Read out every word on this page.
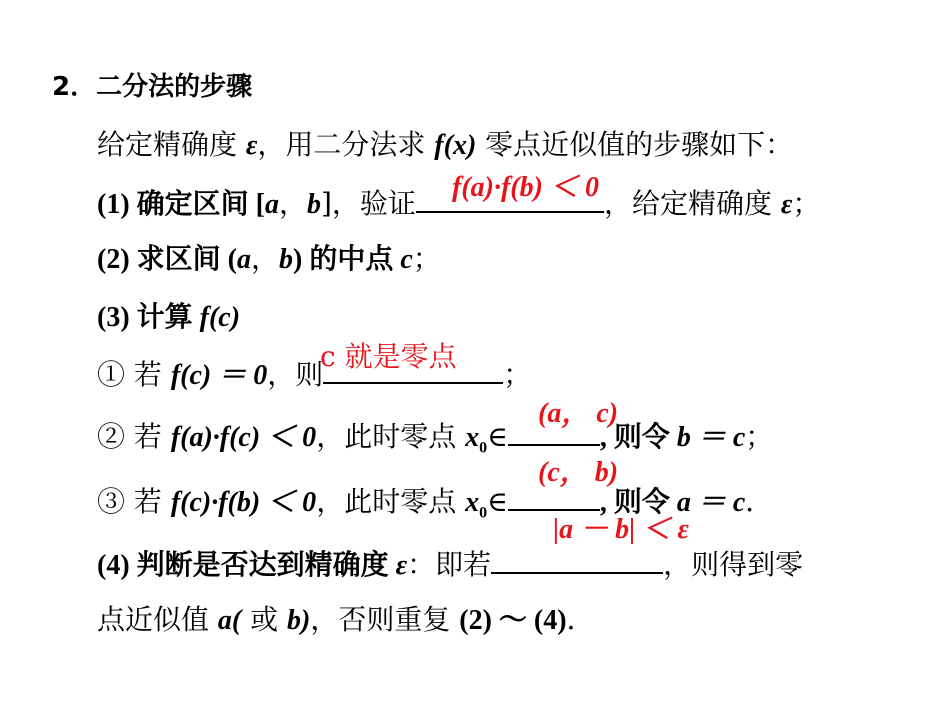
2．二分法的步骤
给定精确度 ε，用二分法求 f(x) 零点近似值的步骤如下：
(1) 确定区间 [a，b]，验证	，给定精确度 ε；
f(a)·f(b) ＜ 0
(2) 求区间 (a，b) 的中点 c；
(3) 计算 f(c)
c 就是零点
① 若 f(c) ＝ 0，则	；
(a， c)
② 若 f(a)·f(c) ＜ 0，此时零点 $x_0\in$	, 则令 b ＝ c；
(c， b)
③ 若 f(c)·f(b) ＜ 0，此时零点 $x_0\in$	, 则令 a ＝ c．
|a － b| ＜ ε
(4) 判断是否达到精确度 ε：即若	，则得到零
点近似值 a( 或 b)，否则重复 (2) ～ (4)．
